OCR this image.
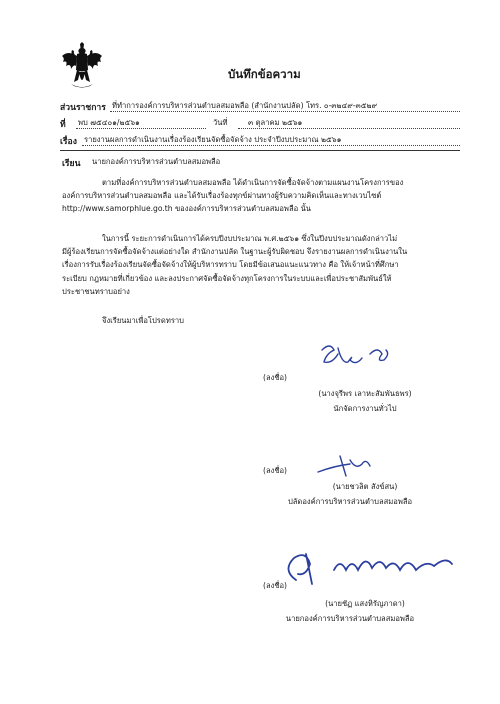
บันทึกข้อความ
ส่วนราชการ ที่ทำการองค์การบริหารส่วนตำบลสมอพลือ (สำนักงานปลัด) โทร. ๐-๓๒๔๙-๓๕๒๙
ที่ พบ ๗๕๔๐๑/๒๕๖๑	วันที่	๓ ตุลาคม ๒๕๖๑
เรื่อง รายงานผลการดำเนินงานเรื่องร้องเรียนจัดซื้อจัดจ้าง ประจำปีงบประมาณ ๒๕๖๑
เรียน นายกองค์การบริหารส่วนตำบลสมอพลือ
ตามที่องค์การบริหารส่วนตำบลสมอพลือ ได้ดำเนินการจัดซื้อจัดจ้างตามแผนงานโครงการของ
องค์การบริหารส่วนตำบลสมอพลือ และได้รับเรื่องร้องทุกข์ผ่านทางผู้รับความคิดเห็นและทางเวบไซต์
http://www.samorphlue.go.th ขององค์การบริหารส่วนตำบลสมอพลือ นั้น
ในการนี้ ระยะการดำเนินการได้ครบปีงบประมาณ พ.ศ.๒๕๖๑ ซึ่งในปีงบประมาณดังกล่าวไม่
มีผู้ร้องเรียนการจัดซื้อจัดจ้างแต่อย่างใด สำนักงานปลัด ในฐานะผู้รับผิดชอบ จึงรายงานผลการดำเนินงานใน
เรื่องการรับเรื่องร้องเรียนจัดซื้อจัดจ้างให้ผู้บริหารทราบ โดยมีข้อเสนอแนะแนวทาง คือ ให้เจ้าหน้าที่ศึกษา
ระเบียบ กฎหมายที่เกี่ยวข้อง และลงประกาศจัดซื้อจัดจ้างทุกโครงการในระบบและเพื่อประชาสัมพันธ์ให้
ประชาชนทราบอย่าง
จึงเรียนมาเพื่อโปรดทราบ
(ลงชื่อ)
(นางจุรีพร เลาหะสัมพันธพร)
นักจัดการงานทั่วไป
(ลงชื่อ)
(นายชวลิต สังข์สน)
ปลัดองค์การบริหารส่วนตำบลสมอพลือ
(ลงชื่อ)
(นายชัฏ แสงหิรัญภาดา)
นายกองค์การบริหารส่วนตำบลสมอพลือ
